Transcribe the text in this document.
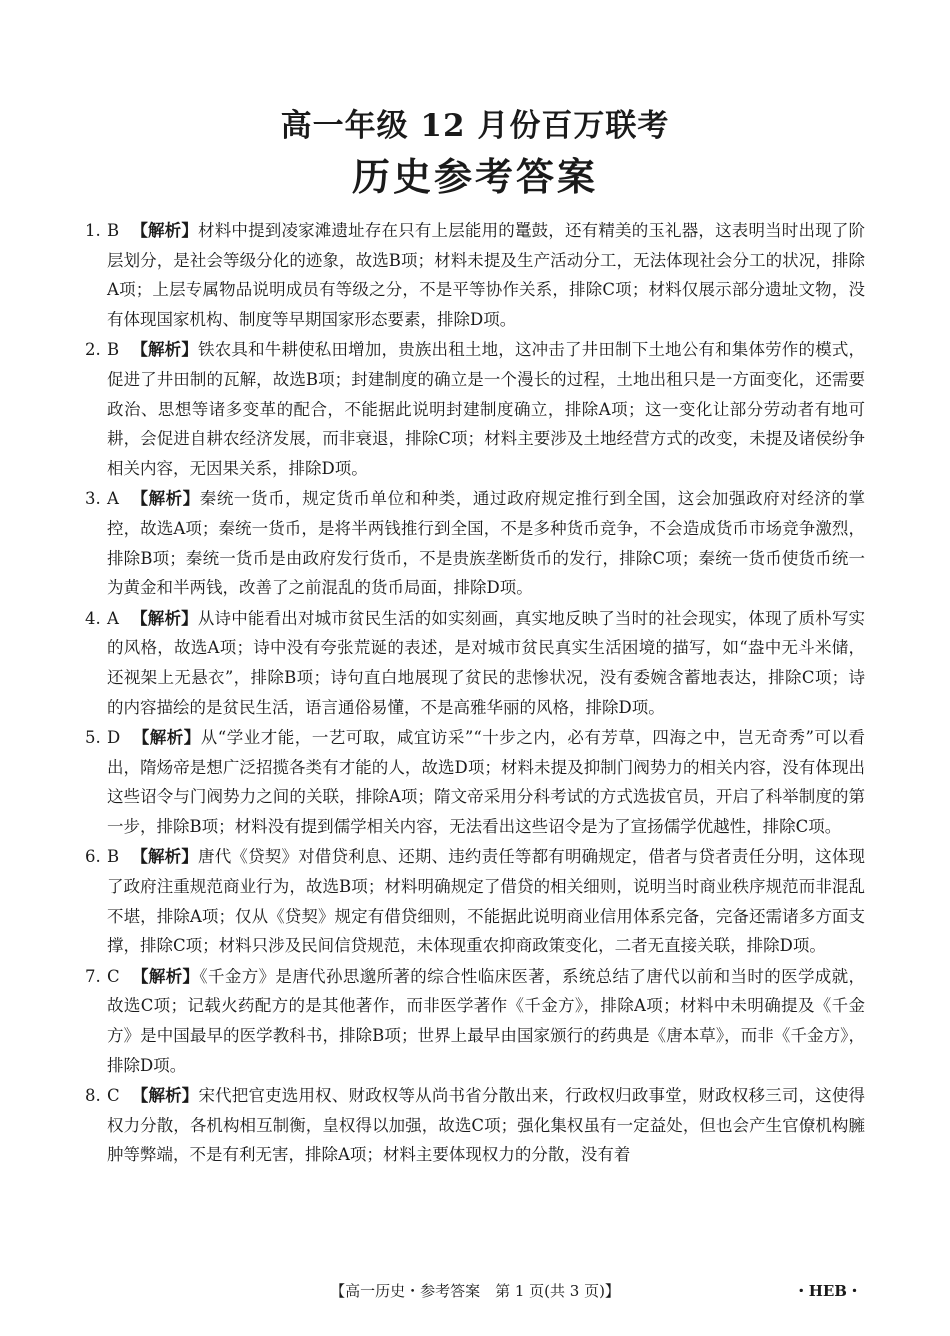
高一年级 12 月份百万联考
历史参考答案
1. B 【解析】材料中提到凌家滩遗址存在只有上层能用的鼍鼓，还有精美的玉礼器，这表明当时出现了阶层划分，是社会等级分化的迹象，故选B项；材料未提及生产活动分工，无法体现社会分工的状况，排除A项；上层专属物品说明成员有等级之分，不是平等协作关系，排除C项；材料仅展示部分遗址文物，没有体现国家机构、制度等早期国家形态要素，排除D项。
2. B 【解析】铁农具和牛耕使私田增加，贵族出租土地，这冲击了井田制下土地公有和集体劳作的模式，促进了井田制的瓦解，故选B项；封建制度的确立是一个漫长的过程，土地出租只是一方面变化，还需要政治、思想等诸多变革的配合，不能据此说明封建制度确立，排除A项；这一变化让部分劳动者有地可耕，会促进自耕农经济发展，而非衰退，排除C项；材料主要涉及土地经营方式的改变，未提及诸侯纷争相关内容，无因果关系，排除D项。
3. A 【解析】秦统一货币，规定货币单位和种类，通过政府规定推行到全国，这会加强政府对经济的掌控，故选A项；秦统一货币，是将半两钱推行到全国，不是多种货币竞争，不会造成货币市场竞争激烈，排除B项；秦统一货币是由政府发行货币，不是贵族垄断货币的发行，排除C项；秦统一货币使货币统一为黄金和半两钱，改善了之前混乱的货币局面，排除D项。
4. A 【解析】从诗中能看出对城市贫民生活的如实刻画，真实地反映了当时的社会现实，体现了质朴写实的风格，故选A项；诗中没有夸张荒诞的表述，是对城市贫民真实生活困境的描写，如“盎中无斗米储，还视架上无悬衣”，排除B项；诗句直白地展现了贫民的悲惨状况，没有委婉含蓄地表达，排除C项；诗的内容描绘的是贫民生活，语言通俗易懂，不是高雅华丽的风格，排除D项。
5. D 【解析】从“学业才能，一艺可取，咸宜访采”“十步之内，必有芳草，四海之中，岂无奇秀”可以看出，隋炀帝是想广泛招揽各类有才能的人，故选D项；材料未提及抑制门阀势力的相关内容，没有体现出这些诏令与门阀势力之间的关联，排除A项；隋文帝采用分科考试的方式选拔官员，开启了科举制度的第一步，排除B项；材料没有提到儒学相关内容，无法看出这些诏令是为了宣扬儒学优越性，排除C项。
6. B 【解析】唐代《贷契》对借贷利息、还期、违约责任等都有明确规定，借者与贷者责任分明，这体现了政府注重规范商业行为，故选B项；材料明确规定了借贷的相关细则，说明当时商业秩序规范而非混乱不堪，排除A项；仅从《贷契》规定有借贷细则，不能据此说明商业信用体系完备，完备还需诸多方面支撑，排除C项；材料只涉及民间信贷规范，未体现重农抑商政策变化，二者无直接关联，排除D项。
7. C 【解析】《千金方》是唐代孙思邈所著的综合性临床医著，系统总结了唐代以前和当时的医学成就，故选C项；记载火药配方的是其他著作，而非医学著作《千金方》，排除A项；材料中未明确提及《千金方》是中国最早的医学教科书，排除B项；世界上最早由国家颁行的药典是《唐本草》，而非《千金方》，排除D项。
8. C 【解析】宋代把官吏选用权、财政权等从尚书省分散出来，行政权归政事堂，财政权移三司，这使得权力分散，各机构相互制衡，皇权得以加强，故选C项；强化集权虽有一定益处，但也会产生官僚机构臃肿等弊端，不是有利无害，排除A项；材料主要体现权力的分散，没有着
【高一历史・参考答案　第 1 页(共 3 页)】	・HEB・
